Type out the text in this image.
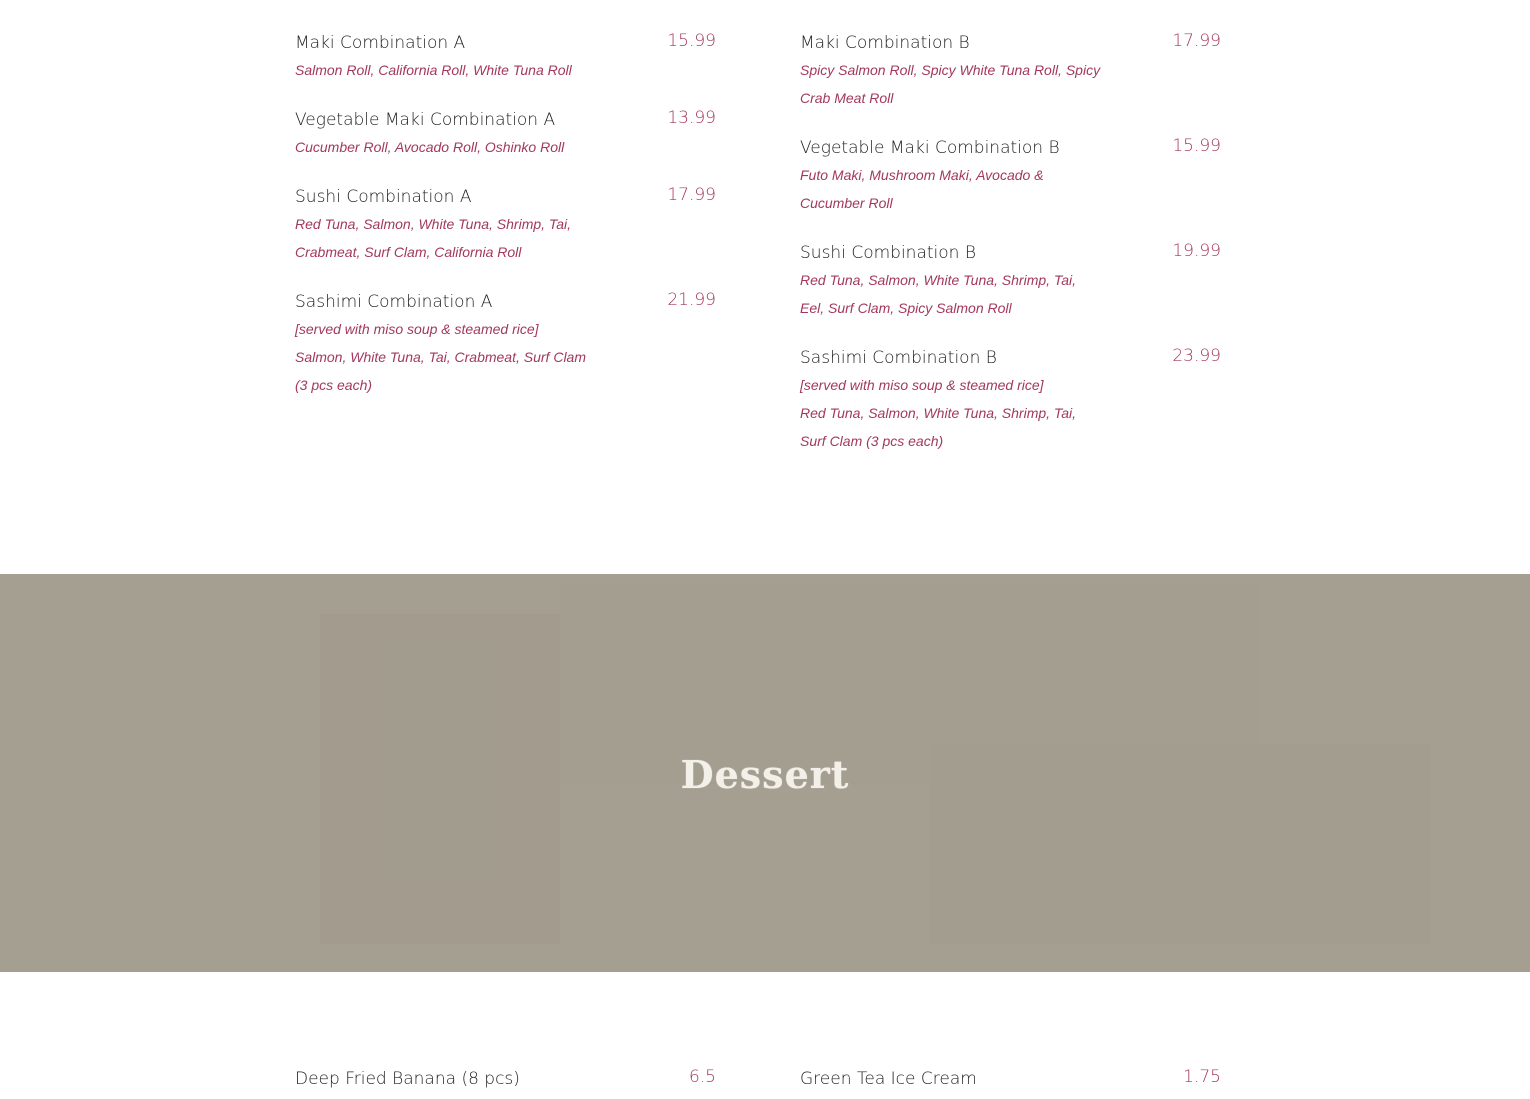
Maki Combination A	15.99
Salmon Roll, California Roll, White Tuna Roll
Vegetable Maki Combination A	13.99
Cucumber Roll, Avocado Roll, Oshinko Roll
Sushi Combination A	17.99
Red Tuna, Salmon, White Tuna, Shrimp, Tai,
Crabmeat, Surf Clam, California Roll
Sashimi Combination A	21.99
[served with miso soup & steamed rice]
Salmon, White Tuna, Tai, Crabmeat, Surf Clam
(3 pcs each)
Maki Combination B	17.99
Spicy Salmon Roll, Spicy White Tuna Roll, Spicy
Crab Meat Roll
Vegetable Maki Combination B	15.99
Futo Maki, Mushroom Maki, Avocado &
Cucumber Roll
Sushi Combination B	19.99
Red Tuna, Salmon, White Tuna, Shrimp, Tai,
Eel, Surf Clam, Spicy Salmon Roll
Sashimi Combination B	23.99
[served with miso soup & steamed rice]
Red Tuna, Salmon, White Tuna, Shrimp, Tai,
Surf Clam (3 pcs each)
Dessert
Deep Fried Banana (8 pcs)	6.5	Green Tea Ice Cream	1.75
